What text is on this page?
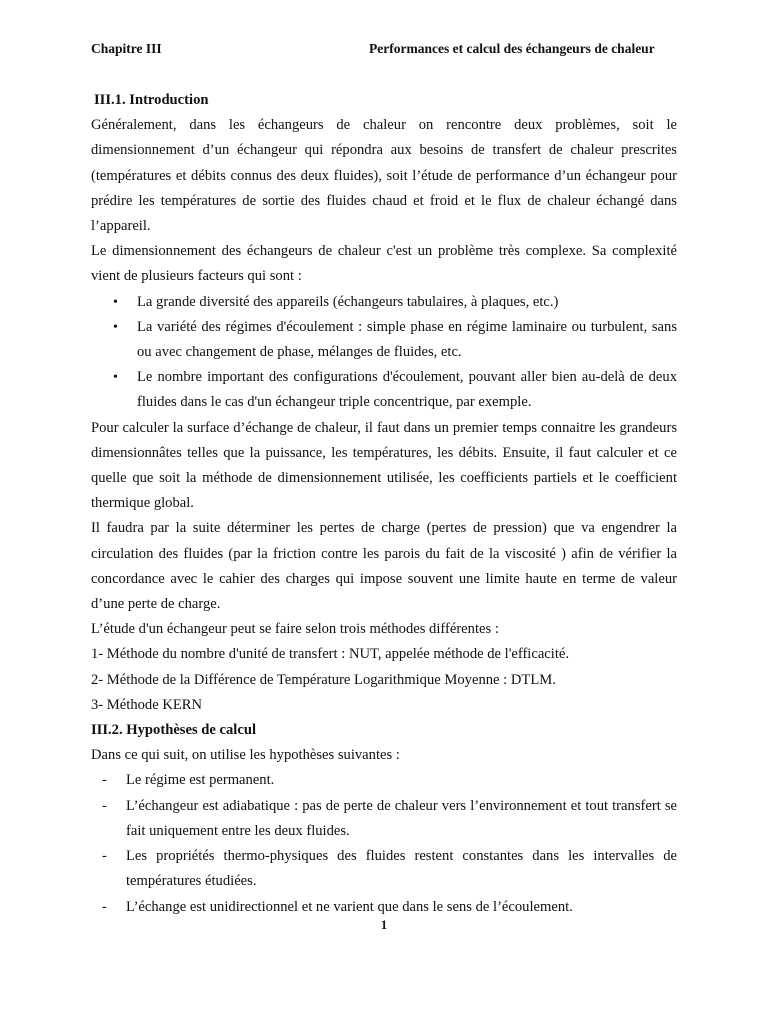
Chapitre III	Performances et calcul des échangeurs de chaleur

III.1. Introduction

Généralement, dans les échangeurs de chaleur on rencontre deux problèmes, soit le dimensionnement d’un échangeur qui répondra aux besoins de transfert de chaleur prescrites (températures et débits connus des deux fluides), soit l’étude de performance d’un échangeur pour prédire les températures de sortie des fluides chaud et froid et le flux de chaleur échangé dans l’appareil.

Le dimensionnement des échangeurs de chaleur c'est un problème très complexe. Sa complexité vient de plusieurs facteurs qui sont :

• La grande diversité des appareils (échangeurs tabulaires, à plaques, etc.)
• La variété des régimes d'écoulement : simple phase en régime laminaire ou turbulent, sans ou avec changement de phase, mélanges de fluides, etc.
• Le nombre important des configurations d'écoulement, pouvant aller bien au-delà de deux fluides dans le cas d'un échangeur triple concentrique, par exemple.

Pour calculer la surface d’échange de chaleur, il faut dans un premier temps connaitre les grandeurs dimensionnâtes telles que la puissance, les températures, les débits. Ensuite, il faut calculer et ce quelle que soit la méthode de dimensionnement utilisée, les coefficients partiels et le coefficient thermique global.

Il faudra par la suite déterminer les pertes de charge (pertes de pression) que va engendrer la circulation des fluides (par la friction contre les parois du fait de la viscosité ) afin de vérifier la concordance avec le cahier des charges qui impose souvent une limite haute en terme de valeur d’une perte de charge.

L’étude d'un échangeur peut se faire selon trois méthodes différentes :

1- Méthode du nombre d'unité de transfert : NUT, appelée méthode de l'efficacité.

2- Méthode de la Différence de Température Logarithmique Moyenne : DTLM.

3- Méthode KERN

III.2. Hypothèses de calcul

Dans ce qui suit, on utilise les hypothèses suivantes :

- Le régime est permanent.
- L’échangeur est adiabatique : pas de perte de chaleur vers l’environnement et tout transfert se fait uniquement entre les deux fluides.
- Les propriétés thermo-physiques des fluides restent constantes dans les intervalles de températures étudiées.
- L’échange est unidirectionnel et ne varient que dans le sens de l’écoulement.
1
